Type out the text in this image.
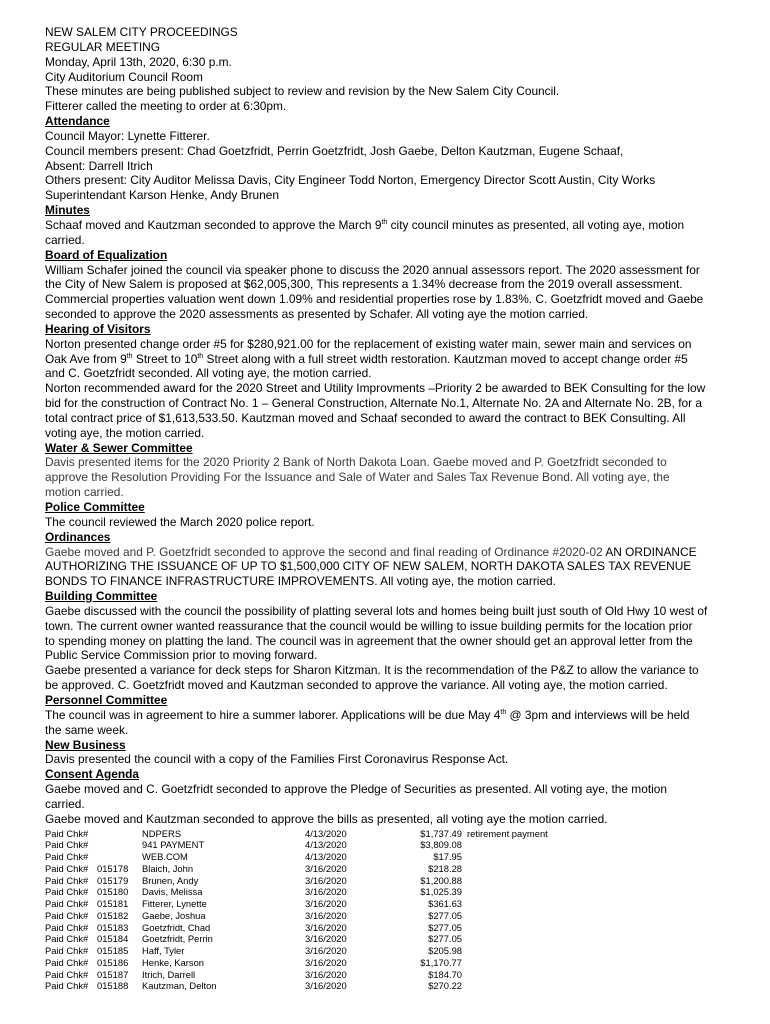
NEW SALEM CITY PROCEEDINGS
REGULAR MEETING
Monday, April 13th, 2020, 6:30 p.m.
City Auditorium Council Room
These minutes are being published subject to review and revision by the New Salem City Council.
Fitterer called the meeting to order at 6:30pm.
Attendance
Council Mayor: Lynette Fitterer.
Council members present: Chad Goetzfridt, Perrin Goetzfridt, Josh Gaebe, Delton Kautzman, Eugene Schaaf,
Absent: Darrell Itrich
Others present: City Auditor Melissa Davis, City Engineer Todd Norton, Emergency Director Scott Austin, City Works
Superintendant Karson Henke, Andy Brunen
Minutes
Schaaf moved and Kautzman seconded to approve the March 9th city council minutes as presented, all voting aye, motion
carried.
Board of Equalization
William Schafer joined the council via speaker phone to discuss the 2020 annual assessors report. The 2020 assessment for
the City of New Salem is proposed at $62,005,300, This represents a 1.34% decrease from the 2019 overall assessment.
Commercial properties valuation went down 1.09% and residential properties rose by 1.83%. C. Goetzfridt moved and Gaebe
seconded to approve the 2020 assessments as presented by Schafer. All voting aye the motion carried.
Hearing of Visitors
Norton presented change order #5 for $280,921.00 for the replacement of existing water main, sewer main and services on
Oak Ave from 9th Street to 10th Street along with a full street width restoration. Kautzman moved to accept change order #5
and C. Goetzfridt seconded. All voting aye, the motion carried.
Norton recommended award for the 2020 Street and Utility Improvments –Priority 2 be awarded to BEK Consulting for the low
bid for the construction of Contract No. 1 – General Construction, Alternate No.1, Alternate No. 2A and Alternate No. 2B, for a
total contract price of $1,613,533.50. Kautzman moved and Schaaf seconded to award the contract to BEK Consulting. All
voting aye, the motion carried.
Water & Sewer Committee
Davis presented items for the 2020 Priority 2 Bank of North Dakota Loan. Gaebe moved and P. Goetzfridt seconded to
approve the Resolution Providing For the Issuance and Sale of Water and Sales Tax Revenue Bond. All voting aye, the
motion carried.
Police Committee
The council reviewed the March 2020 police report.
Ordinances
Gaebe moved and P. Goetzfridt seconded to approve the second and final reading of Ordinance #2020-02 AN ORDINANCE
AUTHORIZING THE ISSUANCE OF UP TO $1,500,000 CITY OF NEW SALEM, NORTH DAKOTA SALES TAX REVENUE
BONDS TO FINANCE INFRASTRUCTURE IMPROVEMENTS. All voting aye, the motion carried.
Building Committee
Gaebe discussed with the council the possibility of platting several lots and homes being built just south of Old Hwy 10 west of
town. The current owner wanted reassurance that the council would be willing to issue building permits for the location prior
to spending money on platting the land. The council was in agreement that the owner should get an approval letter from the
Public Service Commission prior to moving forward.
Gaebe presented a variance for deck steps for Sharon Kitzman. It is the recommendation of the P&Z to allow the variance to
be approved. C. Goetzfridt moved and Kautzman seconded to approve the variance. All voting aye, the motion carried.
Personnel Committee
The council was in agreement to hire a summer laborer. Applications will be due May 4th @ 3pm and interviews will be held
the same week.
New Business
Davis presented the council with a copy of the Families First Coronavirus Response Act.
Consent Agenda
Gaebe moved and C. Goetzfridt seconded to approve the Pledge of Securities as presented. All voting aye, the motion
carried.
Gaebe moved and Kautzman seconded to approve the bills as presented, all voting aye the motion carried.
Paid Chk#		NDPERS	4/13/2020	$1,737.49	retirement payment
Paid Chk#		941 PAYMENT	4/13/2020	$3,809.08	
Paid Chk#		WEB.COM	4/13/2020	$17.95	
Paid Chk#	015178	Blaich, John	3/16/2020	$218.28	
Paid Chk#	015179	Brunen, Andy	3/16/2020	$1,200.88	
Paid Chk#	015180	Davis, Melissa	3/16/2020	$1,025.39	
Paid Chk#	015181	Fitterer, Lynette	3/16/2020	$361.63	
Paid Chk#	015182	Gaebe, Joshua	3/16/2020	$277.05	
Paid Chk#	015183	Goetzfridt, Chad	3/16/2020	$277.05	
Paid Chk#	015184	Goetzfridt, Perrin	3/16/2020	$277.05	
Paid Chk#	015185	Haff, Tyler	3/16/2020	$205.98	
Paid Chk#	015186	Henke, Karson	3/16/2020	$1,170.77	
Paid Chk#	015187	Itrich, Darrell	3/16/2020	$184.70	
Paid Chk#	015188	Kautzman, Delton	3/16/2020	$270.22	
